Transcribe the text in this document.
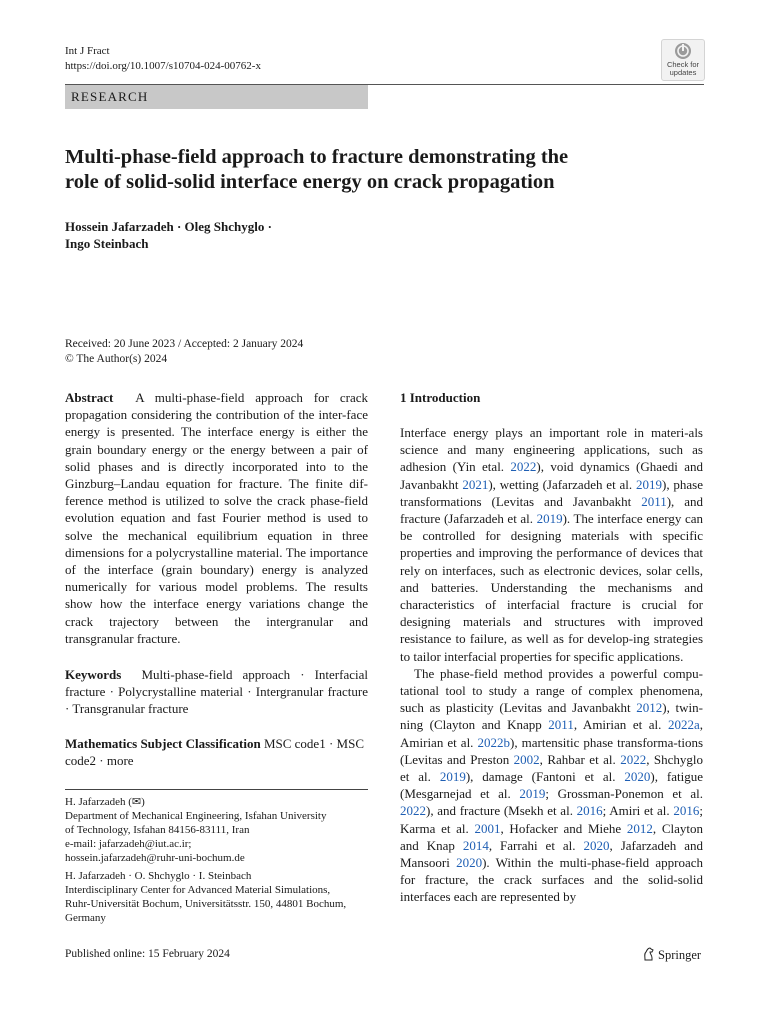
Int J Fract
https://doi.org/10.1007/s10704-024-00762-x	Check for
updates
RESEARCH
Multi-phase-field approach to fracture demonstrating the
role of solid-solid interface energy on crack propagation
Hossein Jafarzadeh · Oleg Shchyglo ·
Ingo Steinbach
Received: 20 June 2023 / Accepted: 2 January 2024
© The Author(s) 2024
Abstract A multi-phase-field approach for crack propagation considering the contribution of the inter-face energy is presented. The interface energy is either the grain boundary energy or the energy between a pair of solid phases and is directly incorporated into to the Ginzburg–Landau equation for fracture. The finite dif-ference method is utilized to solve the crack phase-field evolution equation and fast Fourier method is used to solve the mechanical equilibrium equation in three dimensions for a polycrystalline material. The importance of the interface (grain boundary) energy is analyzed numerically for various model problems. The results show how the interface energy variations change the crack trajectory between the intergranular and transgranular fracture.
Keywords Multi-phase-field approach · Interfacial fracture · Polycrystalline material · Intergranular fracture · Transgranular fracture
Mathematics Subject Classification MSC code1 · MSC code2 · more
H. Jafarzadeh (✉)
Department of Mechanical Engineering, Isfahan University
of Technology, Isfahan 84156-83111, Iran
e-mail: jafarzadeh@iut.ac.ir;
hossein.jafarzadeh@ruhr-uni-bochum.de
H. Jafarzadeh · O. Shchyglo · I. Steinbach
Interdisciplinary Center for Advanced Material Simulations,
Ruhr-Universität Bochum, Universitätsstr. 150, 44801 Bochum,
Germany
1 Introduction

Interface energy plays an important role in materi-als science and many engineering applications, such as adhesion (Yin etal. 2022), void dynamics (Ghaedi and Javanbakht 2021), wetting (Jafarzadeh et al. 2019), phase transformations (Levitas and Javanbakht 2011), and fracture (Jafarzadeh et al. 2019). The interface energy can be controlled for designing materials with specific properties and improving the performance of devices that rely on interfaces, such as electronic devices, solar cells, and batteries. Understanding the mechanisms and characteristics of interfacial fracture is crucial for designing materials and structures with improved resistance to failure, as well as for develop-ing strategies to tailor interfacial properties for specific applications.

The phase-field method provides a powerful compu-tational tool to study a range of complex phenomena, such as plasticity (Levitas and Javanbakht 2012), twin-ning (Clayton and Knapp 2011, Amirian et al. 2022a, Amirian et al. 2022b), martensitic phase transforma-tions (Levitas and Preston 2002, Rahbar et al. 2022, Shchyglo et al. 2019), damage (Fantoni et al. 2020), fatigue (Mesgarnejad et al. 2019; Grossman-Ponemon et al. 2022), and fracture (Msekh et al. 2016; Amiri et al. 2016; Karma et al. 2001, Hofacker and Miehe 2012, Clayton and Knap 2014, Farrahi et al. 2020, Jafarzadeh and Mansoori 2020). Within the multi-phase-field approach for fracture, the crack surfaces and the solid-solid interfaces each are represented by

Published online: 15 February 2024	Springer
